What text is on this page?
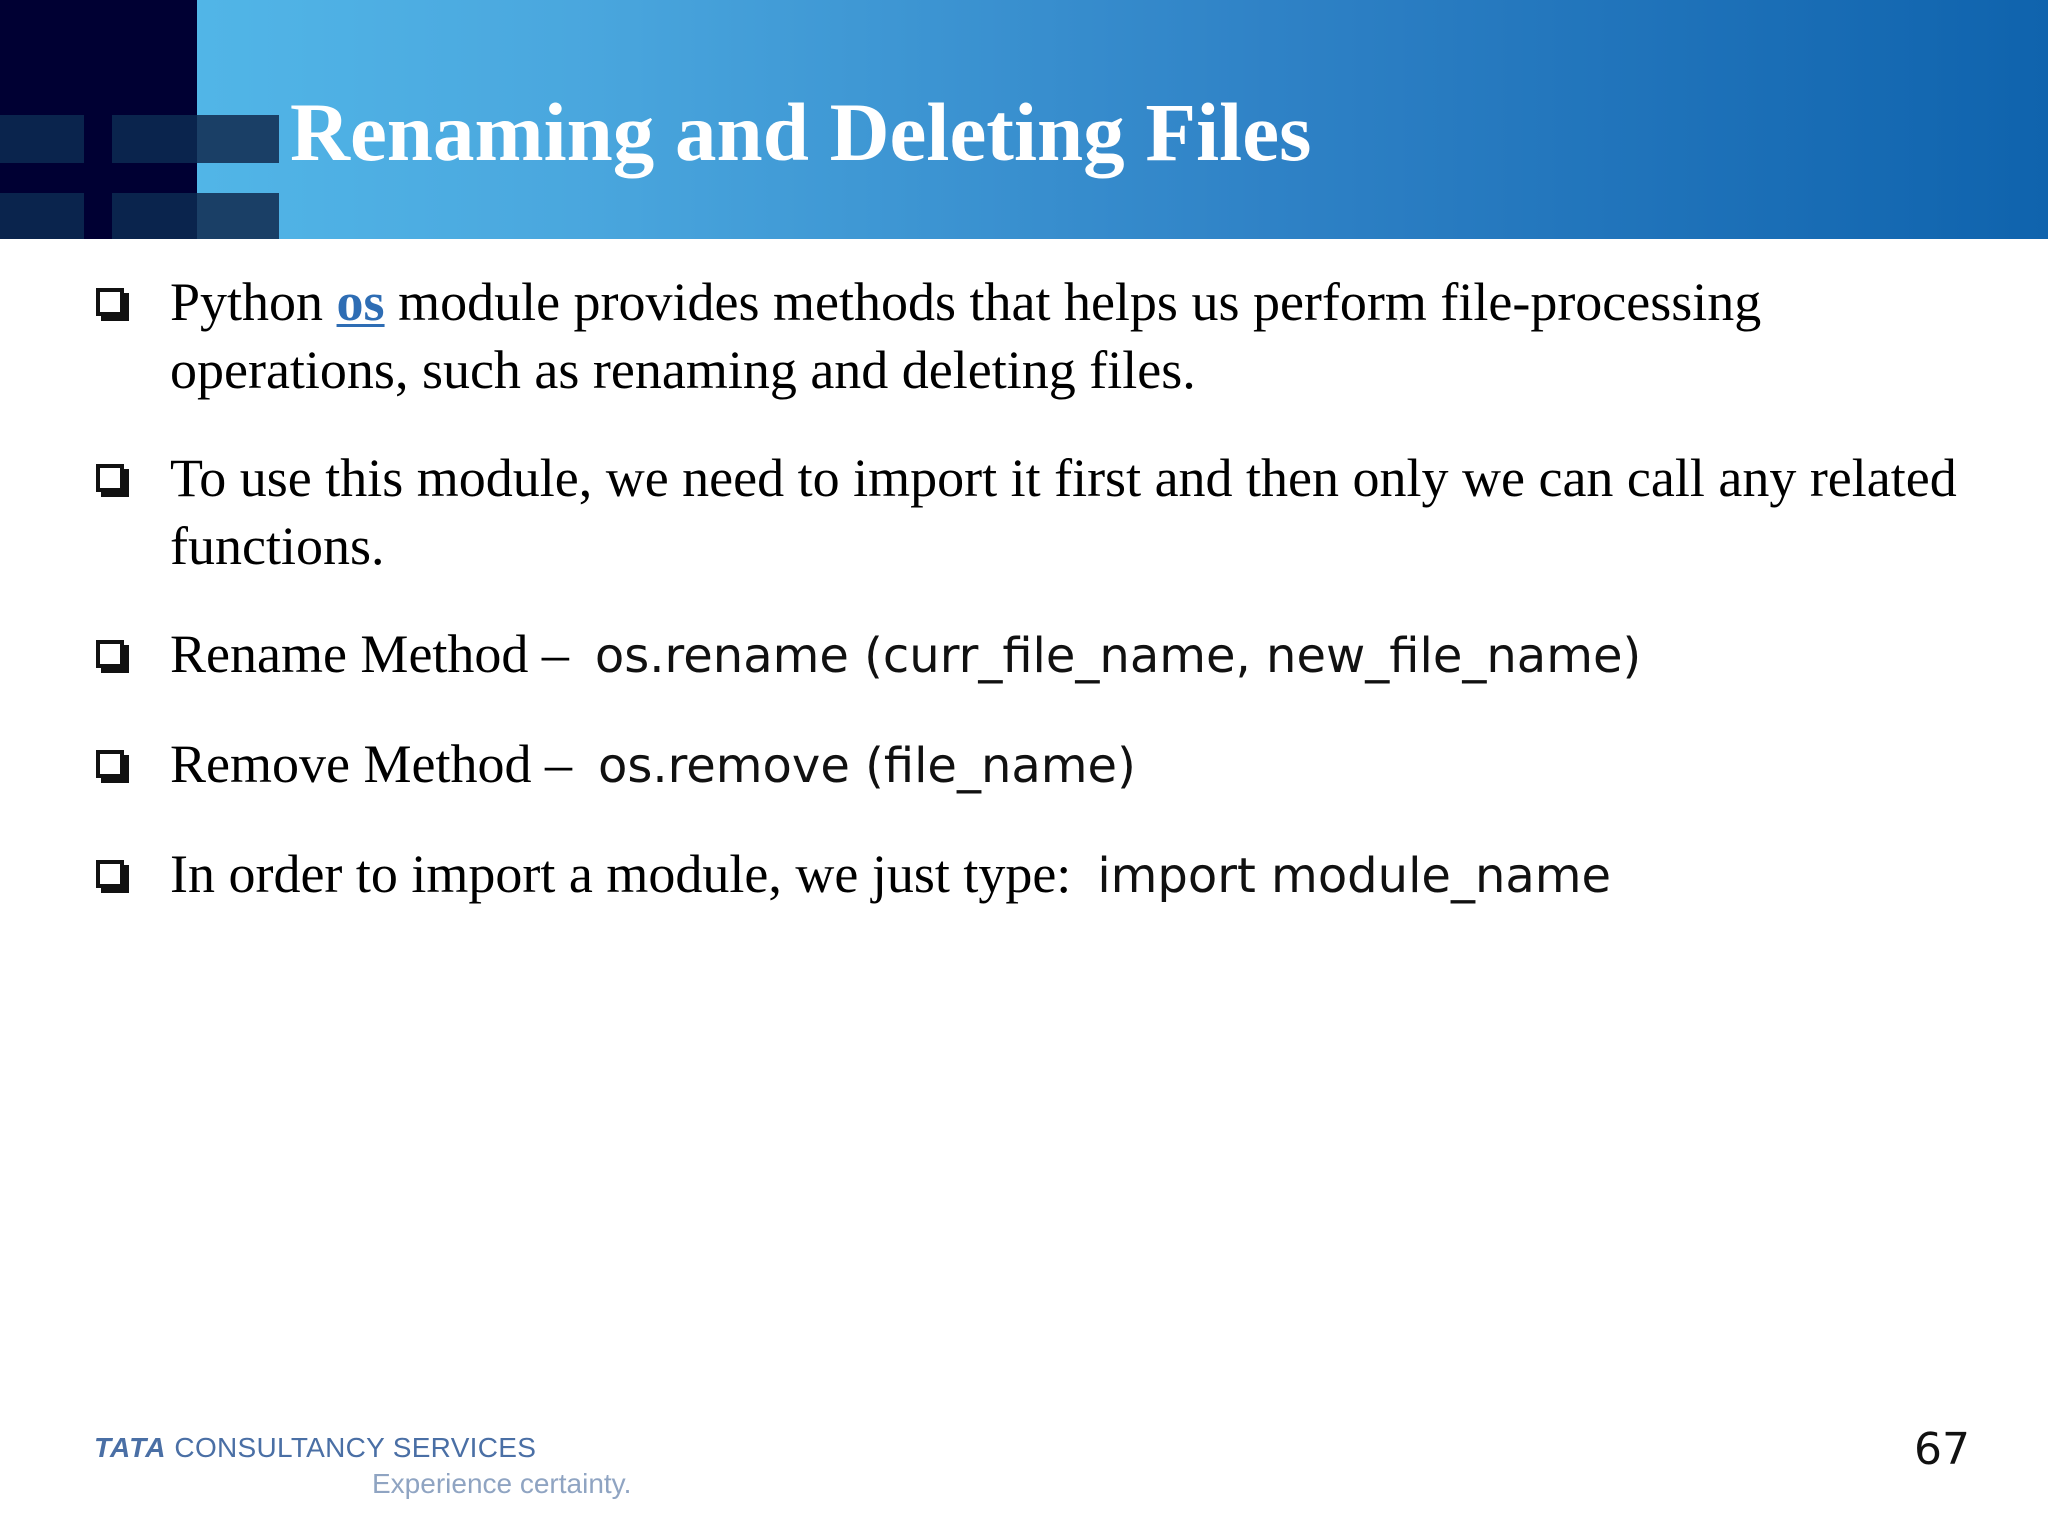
Renaming and Deleting Files
Python os module provides methods that helps us perform file-processing operations, such as renaming and deleting files.
To use this module, we need to import it first and then only we can call any related functions.
Rename Method – os.rename (curr_file_name, new_file_name)
Remove Method – os.remove (file_name)
In order to import a module, we just type: import module_name
TATA CONSULTANCY SERVICES
Experience certainty.
67
